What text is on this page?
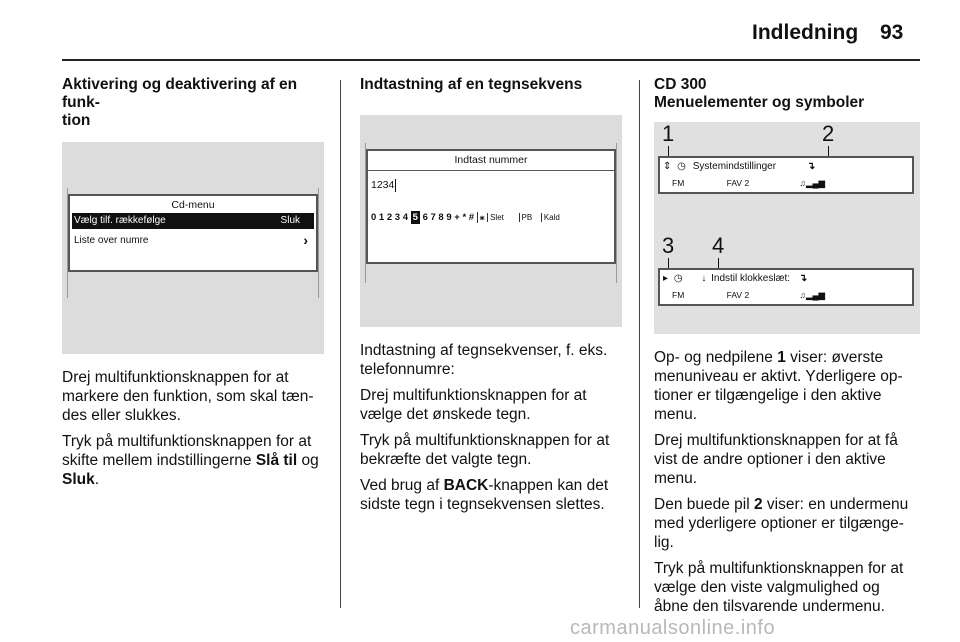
Indledning 93
Aktivering og deaktivering af en funk-
tion
Cd-menu
Vælg tilf. rækkefølge	Sluk
Liste over numre	›
Drej multifunktionsknappen for at
markere den funktion, som skal tæn-
des eller slukkes.
Tryk på multifunktionsknappen for at
skifte mellem indstillingerne Slå til og
Sluk.
Indtastning af en tegnsekvens
Indtast nummer
1234
0 1 2 3 4 5 6 7 8 9 + * # ⁎ Slet PB Kald
Indtastning af tegnsekvenser, f. eks.
telefonnumre:
Drej multifunktionsknappen for at
vælge det ønskede tegn.
Tryk på multifunktionsknappen for at
bekræfte det valgte tegn.
Ved brug af BACK-knappen kan det
sidste tegn i tegnsekvensen slettes.
CD 300
Menuelementer og symboler
1	2
⇕ ◷ Systemindstillinger	↴
FM	FAV 2	♫▂▄▆
3 4
▸ ◷ ↓ Indstil klokkeslæt: ↴
FM	FAV 2	♫▂▄▆
Op- og nedpilene 1 viser: øverste
menuniveau er aktivt. Yderligere op-
tioner er tilgængelige i den aktive
menu.
Drej multifunktionsknappen for at få
vist de andre optioner i den aktive
menu.
Den buede pil 2 viser: en undermenu
med yderligere optioner er tilgænge-
lig.
Tryk på multifunktionsknappen for at
vælge den viste valgmulighed og
åbne den tilsvarende undermenu.
carmanualsonline.info
